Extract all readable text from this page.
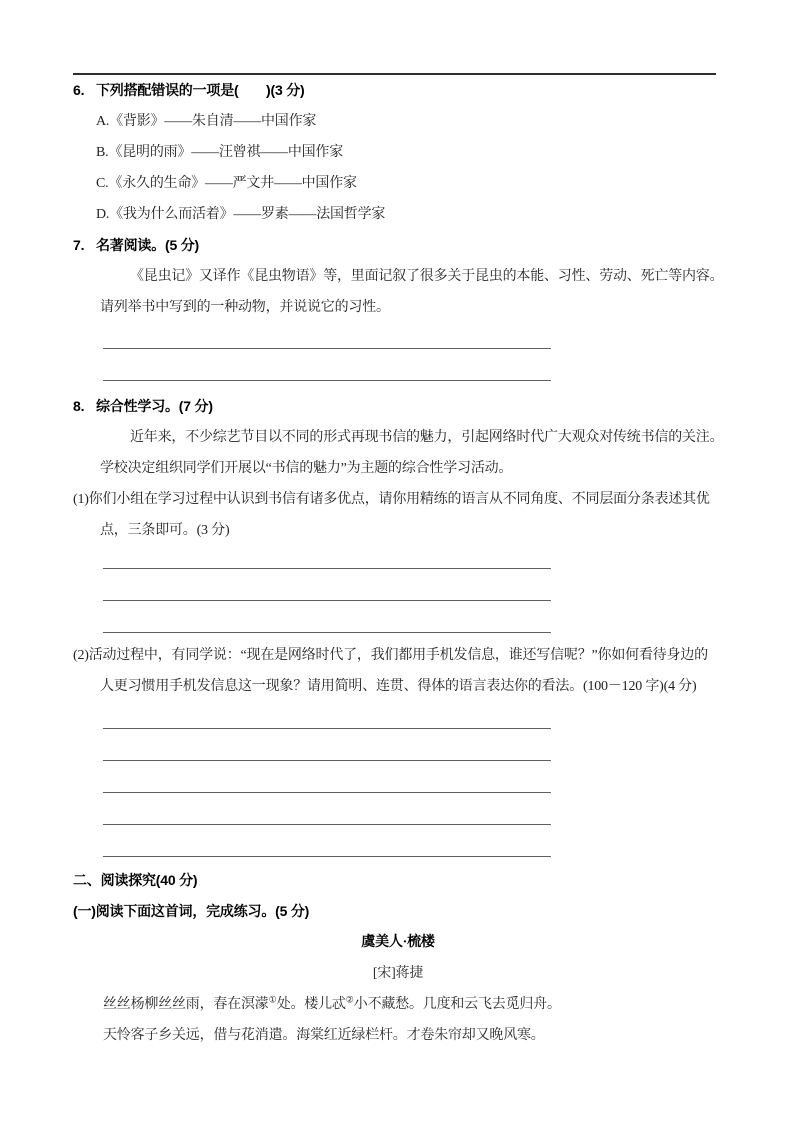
6. 下列搭配错误的一项是(　　)(3 分)
A.《背影》——朱自清——中国作家
B.《昆明的雨》——汪曾祺——中国作家
C.《永久的生命》——严文井——中国作家
D.《我为什么而活着》——罗素——法国哲学家
7. 名著阅读。(5 分)
《昆虫记》又译作《昆虫物语》等，里面记叙了很多关于昆虫的本能、习性、劳动、死亡等内容。
请列举书中写到的一种动物，并说说它的习性。
8. 综合性学习。(7 分)
近年来，不少综艺节目以不同的形式再现书信的魅力，引起网络时代广大观众对传统书信的关注。
学校决定组织同学们开展以“书信的魅力”为主题的综合性学习活动。
(1)你们小组在学习过程中认识到书信有诸多优点，请你用精练的语言从不同角度、不同层面分条表述其优
点，三条即可。(3 分)
(2)活动过程中，有同学说：“现在是网络时代了，我们都用手机发信息，谁还写信呢？”你如何看待身边的
人更习惯用手机发信息这一现象？请用简明、连贯、得体的语言表达你的看法。(100－120 字)(4 分)
二、阅读探究(40 分)
(一)阅读下面这首词，完成练习。(5 分)
虞美人·梳楼
[宋]蒋捷
丝丝杨柳丝丝雨，春在溟濛①处。楼儿忒②小不藏愁。几度和云飞去觅归舟。
天怜客子乡关远，借与花消遣。海棠红近绿栏杆。才卷朱帘却又晚风寒。
